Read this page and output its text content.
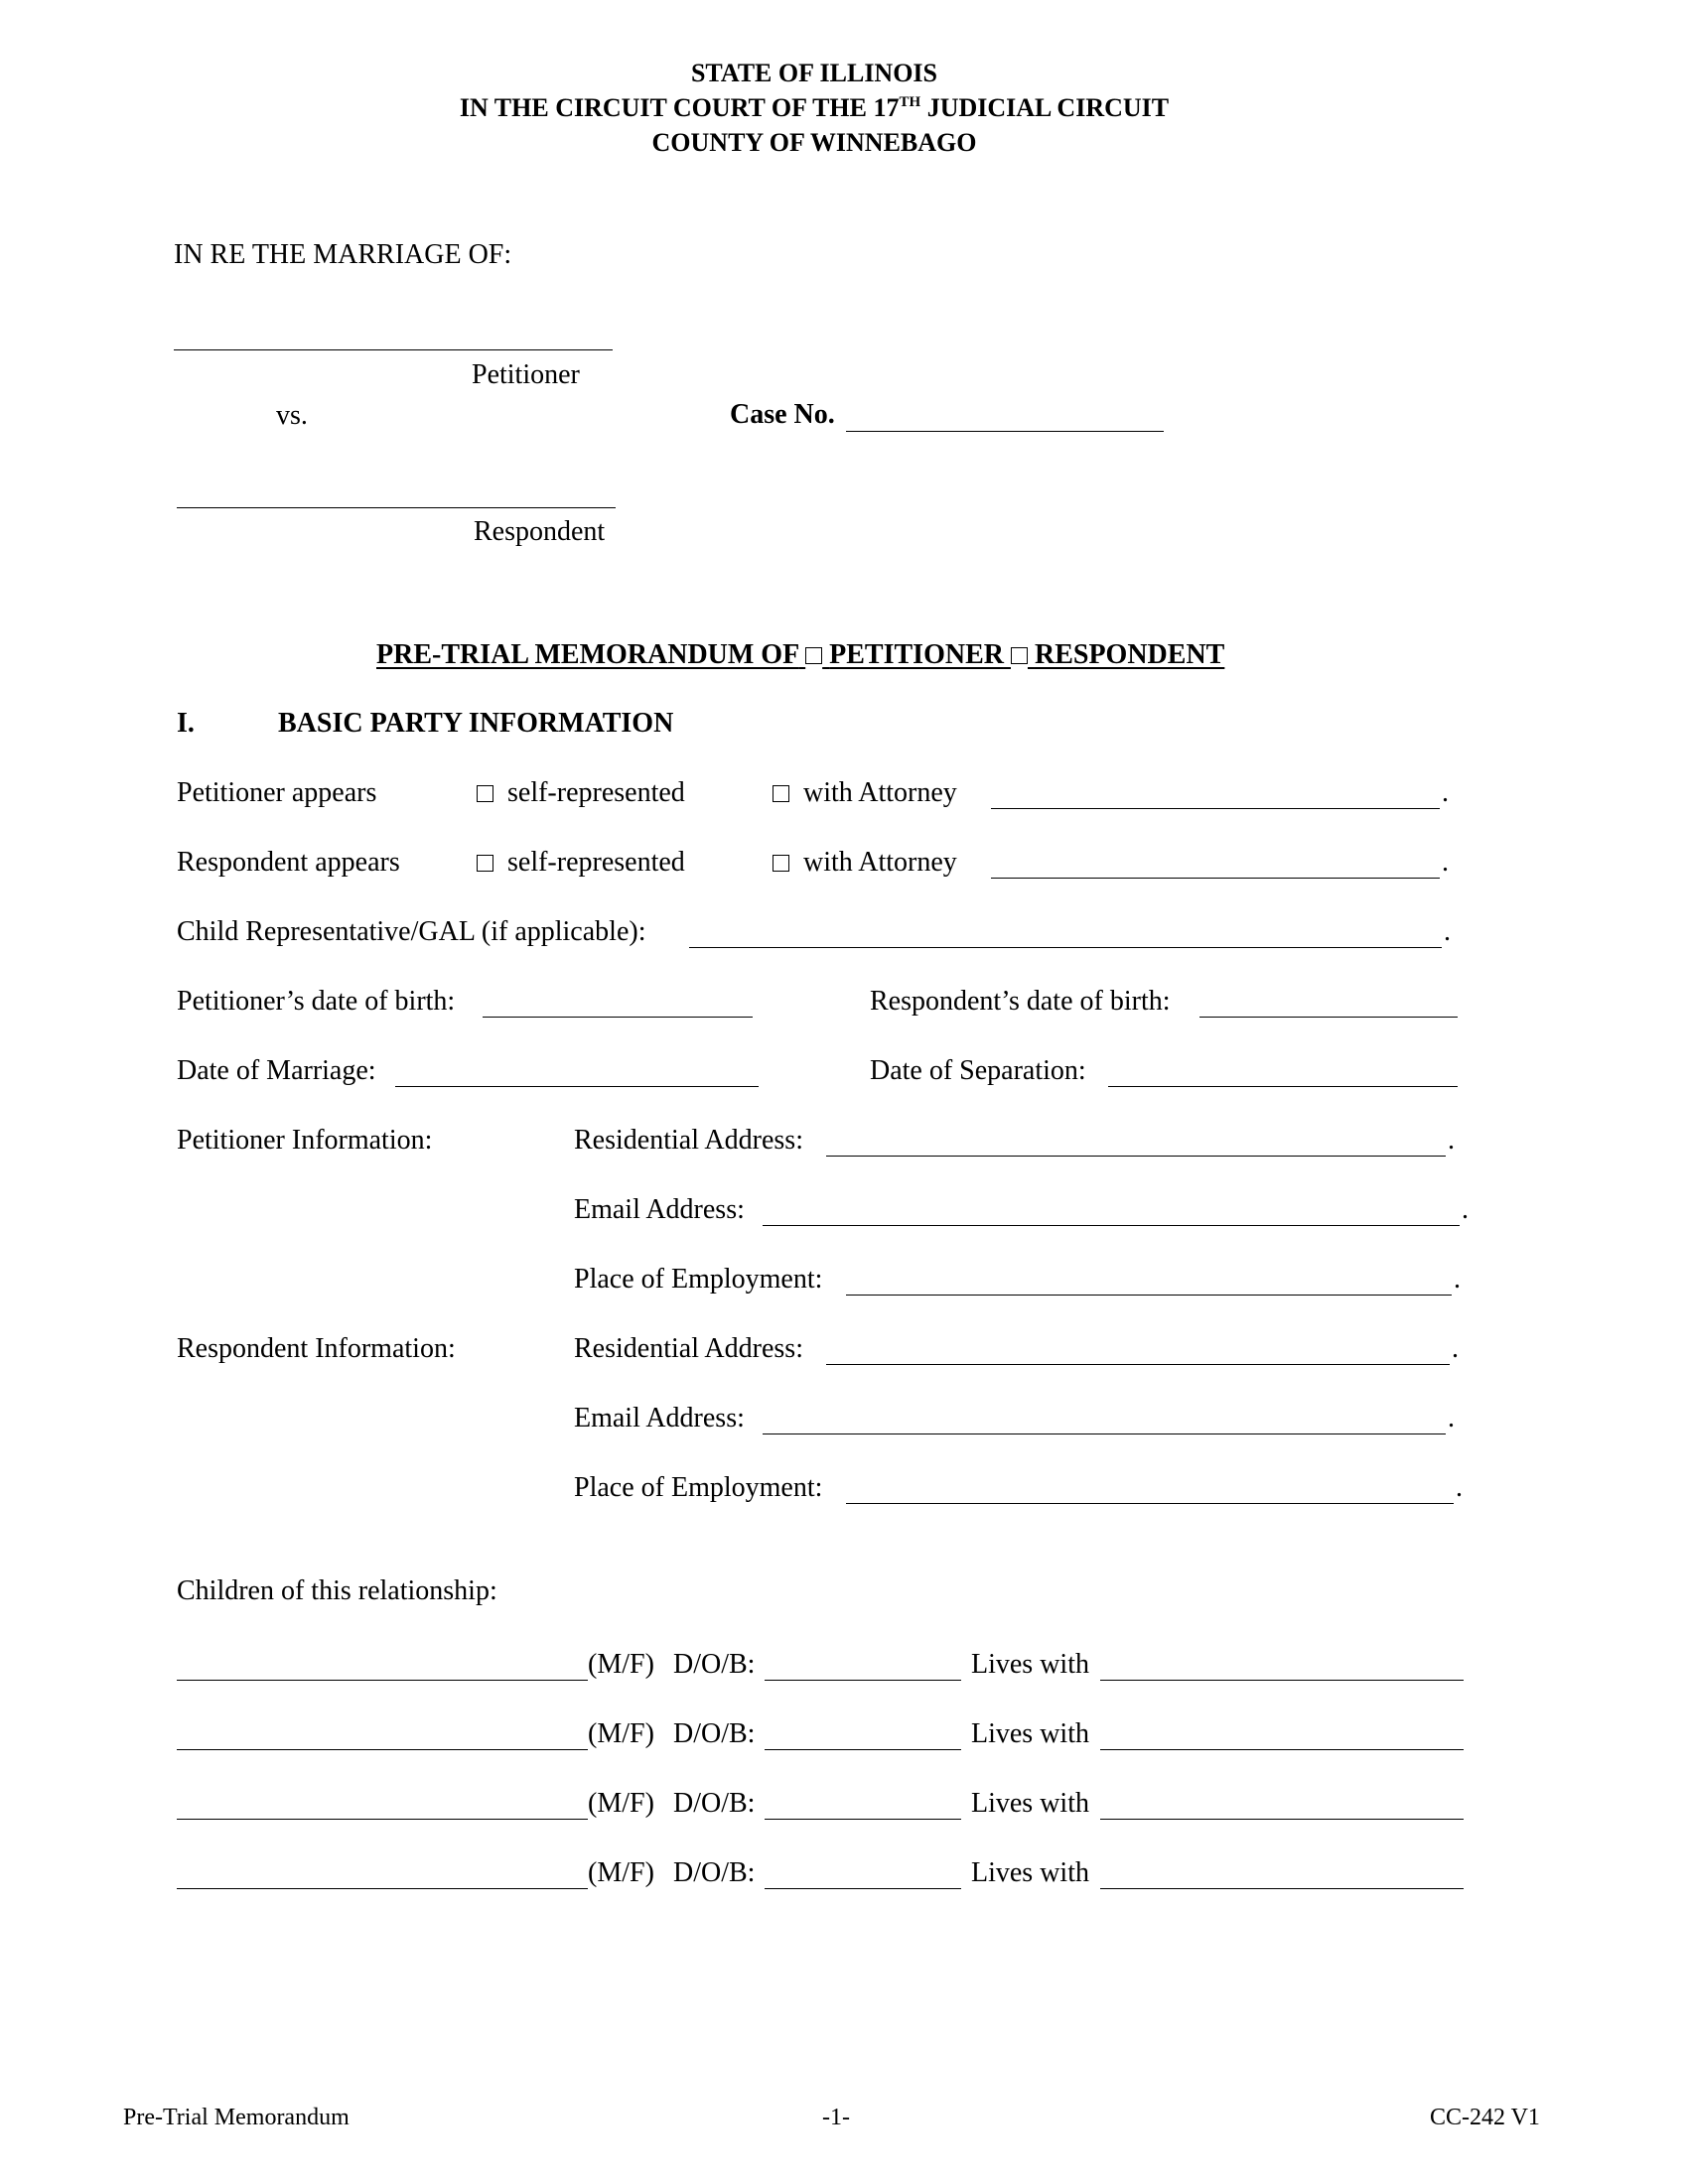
STATE OF ILLINOIS
IN THE CIRCUIT COURT OF THE 17TH JUDICIAL CIRCUIT
COUNTY OF WINNEBAGO
IN RE THE MARRIAGE OF:
Petitioner
vs.	Case No.
Respondent
PRE-TRIAL MEMORANDUM OF PETITIONER RESPONDENT
I.	BASIC PARTY INFORMATION
Petitioner appears	self-represented	with Attorney	.
Respondent appears	self-represented	with Attorney	.
Child Representative/GAL (if applicable):	.
Petitioner’s date of birth:	Respondent’s date of birth:
Date of Marriage:	Date of Separation:
Petitioner Information:	Residential Address:	.
Email Address:	.
Place of Employment:	.
Respondent Information:	Residential Address:	.
Email Address:	.
Place of Employment:	.
Children of this relationship:
(M/F) D/O/B:	Lives with
(M/F) D/O/B:	Lives with
(M/F) D/O/B:	Lives with
(M/F) D/O/B:	Lives with
Pre-Trial Memorandum	-1-	CC-242 V1
